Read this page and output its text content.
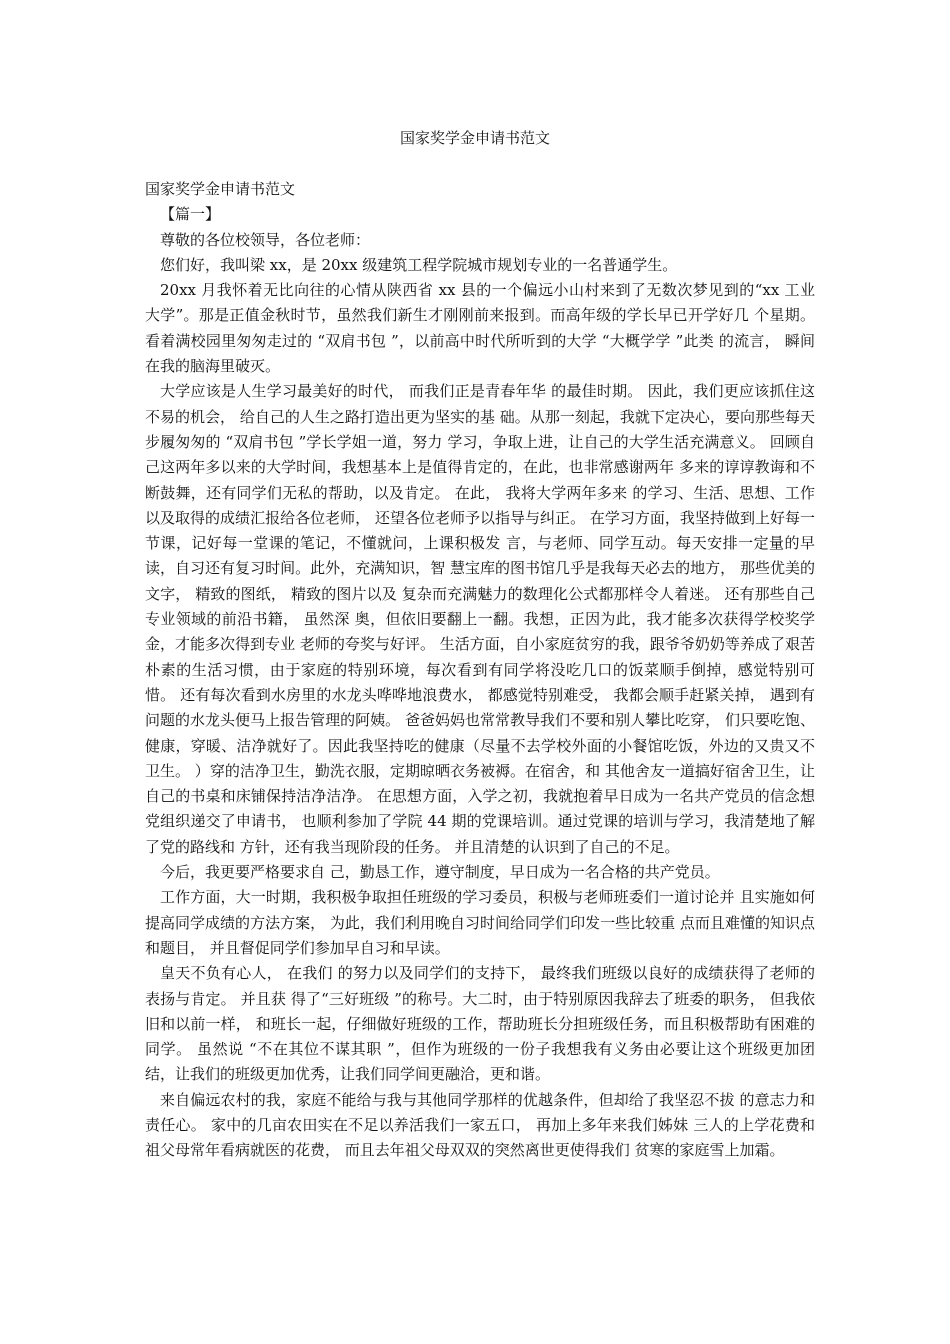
国家奖学金申请书范文

国家奖学金申请书范文

【篇一】

尊敬的各位校领导，各位老师：

您们好，我叫梁 xx，是 20xx 级建筑工程学院城市规划专业的一名普通学生。

20xx 月我怀着无比向往的心情从陕西省 xx 县的一个偏远小山村来到了无数次梦见到的“xx 工业 大学”。那是正值金秋时节，虽然我们新生才刚刚前来报到。而高年级的学长早已开学好几 个星期。看着满校园里匆匆走过的 “双肩书包 ”，以前高中时代所听到的大学 “大概学学 ”此类 的流言， 瞬间在我的脑海里破灭。

大学应该是人生学习最美好的时代， 而我们正是青春年华 的最佳时期。 因此，我们更应该抓住这不易的机会， 给自己的人生之路打造出更为坚实的基 础。从那一刻起，我就下定决心，要向那些每天步履匆匆的 “双肩书包 ”学长学姐一道，努力 学习，争取上进，让自己的大学生活充满意义。 回顾自己这两年多以来的大学时间，我想基本上是值得肯定的，在此，也非常感谢两年 多来的谆谆教诲和不断鼓舞，还有同学们无私的帮助，以及肯定。 在此， 我将大学两年多来 的学习、生活、思想、工作以及取得的成绩汇报给各位老师， 还望各位老师予以指导与纠正。 在学习方面，我坚持做到上好每一节课，记好每一堂课的笔记，不懂就问，上课积极发 言，与老师、同学互动。每天安排一定量的早读，自习还有复习时间。此外，充满知识，智 慧宝库的图书馆几乎是我每天必去的地方， 那些优美的文字， 精致的图纸， 精致的图片以及 复杂而充满魅力的数理化公式都那样令人着迷。 还有那些自己专业领域的前沿书籍， 虽然深 奥，但依旧要翻上一翻。我想，正因为此，我才能多次获得学校奖学金，才能多次得到专业 老师的夸奖与好评。 生活方面，自小家庭贫穷的我，跟爷爷奶奶等养成了艰苦朴素的生活习惯，由于家庭的特别环境，每次看到有同学将没吃几口的饭菜顺手倒掉，感觉特别可惜。 还有每次看到水房里的水龙头哗哗地浪费水， 都感觉特别难受， 我都会顺手赶紧关掉， 遇到有问题的水龙头便马上报告管理的阿姨。 爸爸妈妈也常常教导我们不要和别人攀比吃穿， 们只要吃饱、健康，穿暖、洁净就好了。因此我坚持吃的健康（尽量不去学校外面的小餐馆吃饭，外边的又贵又不卫生。 ）穿的洁净卫生，勤洗衣服，定期晾晒衣务被褥。在宿舍，和 其他舍友一道搞好宿舍卫生，让自己的书桌和床铺保持洁净洁净。 在思想方面，入学之初，我就抱着早日成为一名共产党员的信念想党组织递交了申请书， 也顺利参加了学院 44 期的党课培训。通过党课的培训与学习，我清楚地了解了党的路线和 方针，还有我当现阶段的任务。 并且清楚的认识到了自己的不足。

今后，我更要严格要求自 己，勤恳工作，遵守制度，早日成为一名合格的共产党员。

工作方面，大一时期，我积极争取担任班级的学习委员，积极与老师班委们一道讨论并 且实施如何提高同学成绩的方法方案， 为此，我们利用晚自习时间给同学们印发一些比较重 点而且难懂的知识点和题目， 并且督促同学们参加早自习和早读。

皇天不负有心人， 在我们 的努力以及同学们的支持下， 最终我们班级以良好的成绩获得了老师的表扬与肯定。 并且获 得了“三好班级 ”的称号。大二时，由于特别原因我辞去了班委的职务， 但我依旧和以前一样， 和班长一起，仔细做好班级的工作，帮助班长分担班级任务，而且积极帮助有困难的同学。 虽然说 “不在其位不谋其职 ”，但作为班级的一份子我想我有义务由必要让这个班级更加团 结，让我们的班级更加优秀，让我们同学间更融洽，更和谐。

来自偏远农村的我，家庭不能给与我与其他同学那样的优越条件，但却给了我坚忍不拔 的意志力和责任心。 家中的几亩农田实在不足以养活我们一家五口， 再加上多年来我们姊妹 三人的上学花费和祖父母常年看病就医的花费， 而且去年祖父母双双的突然离世更使得我们 贫寒的家庭雪上加霜。
